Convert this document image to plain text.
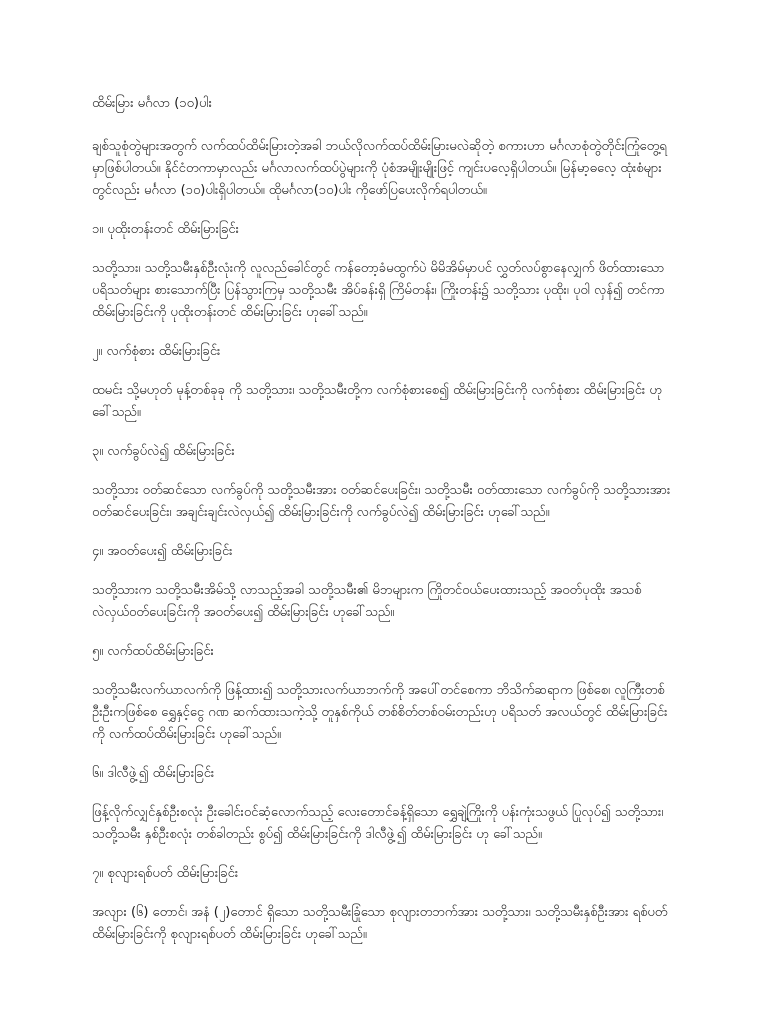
ထိမ်းမြား မင်္ဂလာ (၁၀)ပါး
ချစ်သူစုံတွဲများအတွက် လက်ထပ်ထိမ်းမြားတဲ့အခါ ဘယ်လိုလက်ထပ်ထိမ်းမြားမလဲဆိုတဲ့ စကားဟာ မင်္ဂလာစုံတွဲတိုင်းကြုံတွေ့ရမှာဖြစ်ပါတယ်။ နိုင်ငံတကာမှာလည်း မင်္ဂလာလက်ထပ်ပွဲများကို ပုံစံအမျိုးမျိုးဖြင့် ကျင်းပလေ့ရှိပါတယ်။ မြန်မာ့ဓလေ့ ထုံးစံများတွင်လည်း မင်္ဂလာ (၁၀)ပါးရှိပါတယ်။ ထိုမင်္ဂလာ(၁၀)ပါး ကိုဖော်ပြပေးလိုက်ရပါတယ်။
၁။ ပုထိုးတန်းတင် ထိမ်းမြားခြင်း
သတို့သား၊ သတို့သမီးနှစ်ဦးလုံးကို လူလည်ခေါင်တွင် ကန်တော့ခံမထွက်ပဲ မိမိအိမ်မှာပင် လွှတ်လပ်စွာနေလျှက် ဖိတ်ထားသောပရိသတ်များ စားသောက်ပြီး ပြန်သွားကြမှ သတို့သမီး အိပ်ခန်းရှိ ကြိမ်တန်း၊ ကြိုးတန်း၌ သတို့သား ပုထိုး၊ ပုဝါ လှန်၍ တင်ကာထိမ်းမြားခြင်းကို ပုထိုးတန်းတင် ထိမ်းမြားခြင်း ဟုခေါ်သည်။
၂။ လက်စုံစား ထိမ်းမြားခြင်း
ထမင်း သို့မဟုတ် မုန့်တစ်ခုခု ကို သတို့သား၊ သတို့သမီးတို့က လက်စုံစားစေ၍ ထိမ်းမြားခြင်းကို လက်စုံစား ထိမ်းမြားခြင်း ဟုခေါ်သည်။
၃။ လက်ခွပ်လဲ၍ ထိမ်းမြားခြင်း
သတို့သား ဝတ်ဆင်သော လက်ခွပ်ကို သတို့သမီးအား ဝတ်ဆင်ပေးခြင်း၊ သတို့သမီး ဝတ်ထားသော လက်ခွပ်ကို သတို့သားအား ဝတ်ဆင်ပေးခြင်း၊ အချင်းချင်းလဲလှယ်၍ ထိမ်းမြားခြင်းကို လက်ခွပ်လဲ၍ ထိမ်းမြားခြင်း ဟုခေါ်သည်။
၄။ အဝတ်ပေး၍ ထိမ်းမြားခြင်း
သတို့သားက သတို့သမီးအိမ်သို့ လာသည့်အခါ သတို့သမီး၏ မိဘများက ကြိုတင်ဝယ်ပေးထားသည့် အဝတ်ပုထိုး အသစ် လဲလှယ်ဝတ်ပေးခြင်းကို အဝတ်ပေး၍ ထိမ်းမြားခြင်း ဟုခေါ်သည်။
၅။ လက်ထပ်ထိမ်းမြားခြင်း
သတို့သမီးလက်ယာလက်ကို ဖြန့်ထား၍ သတို့သားလက်ယာဘက်ကို အပေါ်တင်စေကာ ဘိသိက်ဆရာက ဖြစ်စေ၊ လူကြီးတစ်ဦးဦးကဖြစ်စေ ရွှေနှင့်ငွေ ဂဏ ဆက်ထားသကဲ့သို့ တူနှစ်ကိုယ် တစ်စိတ်တစ်ဝမ်းတည်းဟု ပရိသတ် အလယ်တွင် ထိမ်းမြားခြင်းကို လက်ထပ်ထိမ်းမြားခြင်း ဟုခေါ်သည်။
၆။ ဒါလီဖွဲ့၍ ထိမ်းမြားခြင်း
ဖြန့်လိုက်လျှင်နှစ်ဦးစလုံး ဦးခေါင်းဝင်ဆံ့လောက်သည့် လေးတောင်ခန့်ရှိသော ရွှေချဲ့ကြိုးကို ပန်းကုံးသဖွယ် ပြုလုပ်၍ သတို့သား၊ သတို့သမီး နှစ်ဦးစလုံး တစ်ခါတည်း စွပ်၍ ထိမ်းမြားခြင်းကို ဒါလီဖွဲ့၍ ထိမ်းမြားခြင်း ဟု ခေါ်သည်။
၇။ စုလျားရစ်ပတ် ထိမ်းမြားခြင်း
အလျား (၆) တောင်၊ အနံ (၂)တောင် ရှိသော သတို့သမီးခြုံသော စုလျားတဘက်အား သတို့သား၊ သတို့သမီးနှစ်ဦးအား ရစ်ပတ်ထိမ်းမြားခြင်းကို စုလျားရစ်ပတ် ထိမ်းမြားခြင်း ဟုခေါ်သည်။
